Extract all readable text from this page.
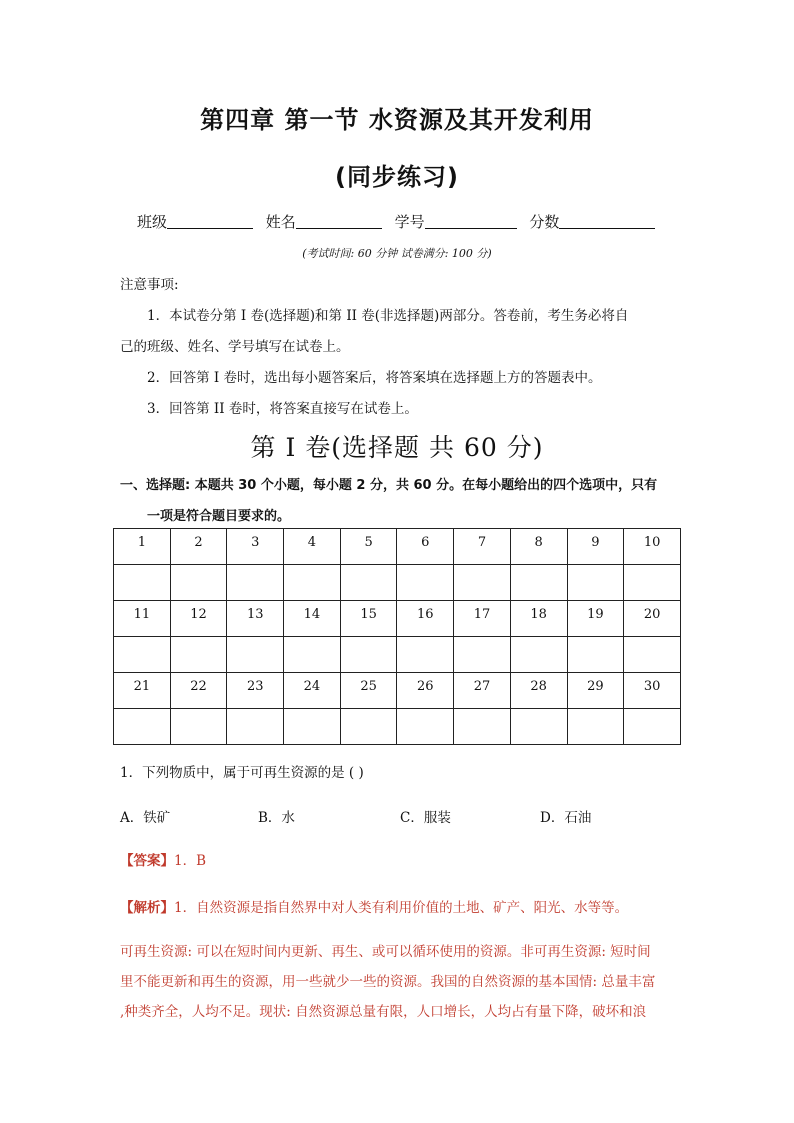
第四章 第一节 水资源及其开发利用
(同步练习)
班级	姓名	学号	分数
(考试时间: 60 分钟 试卷满分: 100 分)
注意事项:
1．本试卷分第 I 卷(选择题)和第 II 卷(非选择题)两部分。答卷前，考生务必将自
己的班级、姓名、学号填写在试卷上。
2．回答第 I 卷时，选出每小题答案后，将答案填在选择题上方的答题表中。
3．回答第 II 卷时，将答案直接写在试卷上。
第 I 卷(选择题 共 60 分)
一、选择题: 本题共 30 个小题，每小题 2 分，共 60 分。在每小题给出的四个选项中，只有
一项是符合题目要求的。
1	2	3	4	5	6	7	8	9	10

11	12	13	14	15	16	17	18	19	20

21	22	23	24	25	26	27	28	29	30

1．下列物质中，属于可再生资源的是 ( )
A．铁矿	B．水	C．服装	D．石油
【答案】1．B
【解析】1．自然资源是指自然界中对人类有利用价值的土地、矿产、阳光、水等等。
可再生资源: 可以在短时间内更新、再生、或可以循环使用的资源。非可再生资源: 短时间
里不能更新和再生的资源，用一些就少一些的资源。我国的自然资源的基本国情: 总量丰富
,种类齐全，人均不足。现状: 自然资源总量有限，人口增长，人均占有量下降，破坏和浪
